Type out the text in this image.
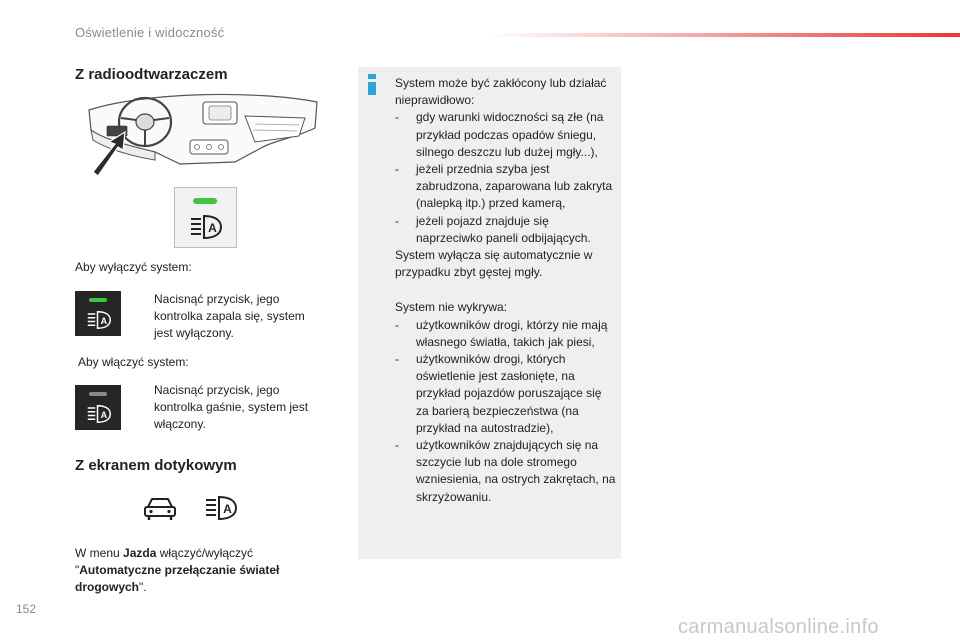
Oświetlenie i widoczność
Z radioodtwarzaczem
A
Aby wyłączyć system:
A
Nacisnąć przycisk, jego kontrolka zapala się, system jest wyłączony.
Aby włączyć system:
A
Nacisnąć przycisk, jego kontrolka gaśnie, system jest włączony.
Z ekranem dotykowym
A
W menu Jazda włączyć/wyłączyć
"Automatyczne przełączanie świateł drogowych".

System może być zakłócony lub działać nieprawidłowo:

- gdy warunki widoczności są złe (na przykład podczas opadów śniegu, silnego deszczu lub dużej mgły...),
- jeżeli przednia szyba jest zabrudzona, zaparowana lub zakryta (nalepką itp.) przed kamerą,
- jeżeli pojazd znajduje się naprzeciwko paneli odbijających.

System wyłącza się automatycznie w przypadku zbyt gęstej mgły.

System nie wykrywa:

- użytkowników drogi, którzy nie mają własnego światła, takich jak piesi,
- użytkowników drogi, których oświetlenie jest zasłonięte, na przykład pojazdów poruszające się za barierą bezpieczeństwa (na przykład na autostradzie),
- użytkowników znajdujących się na szczycie lub na dole stromego wzniesienia, na ostrych zakrętach, na skrzyżowaniu.
152
carmanualsonline.info
